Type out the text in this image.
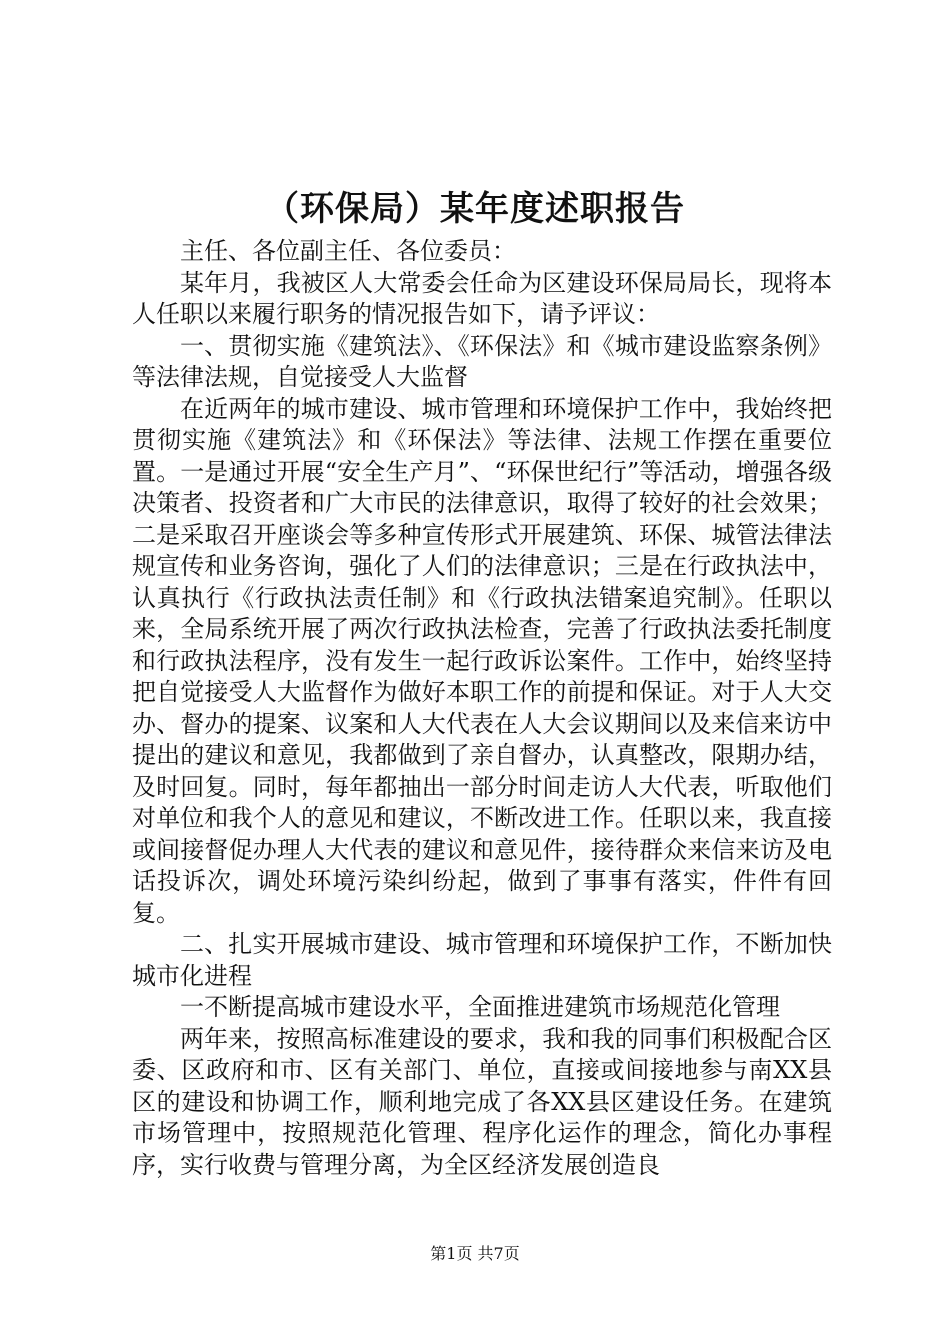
（环保局）某年度述职报告

主任、各位副主任、各位委员：

某年月，我被区人大常委会任命为区建设环保局局长，现将本人任职以来履行职务的情况报告如下，请予评议：

一、贯彻实施《建筑法》、《环保法》和《城市建设监察条例》等法律法规，自觉接受人大监督

在近两年的城市建设、城市管理和环境保护工作中，我始终把贯彻实施《建筑法》和《环保法》等法律、法规工作摆在重要位置。一是通过开展“安全生产月”、“环保世纪行”等活动，增强各级决策者、投资者和广大市民的法律意识，取得了较好的社会效果；二是采取召开座谈会等多种宣传形式开展建筑、环保、城管法律法规宣传和业务咨询，强化了人们的法律意识；三是在行政执法中，认真执行《行政执法责任制》和《行政执法错案追究制》。任职以来，全局系统开展了两次行政执法检查，完善了行政执法委托制度和行政执法程序，没有发生一起行政诉讼案件。工作中，始终坚持把自觉接受人大监督作为做好本职工作的前提和保证。对于人大交办、督办的提案、议案和人大代表在人大会议期间以及来信来访中提出的建议和意见，我都做到了亲自督办，认真整改，限期办结，及时回复。同时，每年都抽出一部分时间走访人大代表，听取他们对单位和我个人的意见和建议，不断改进工作。任职以来，我直接或间接督促办理人大代表的建议和意见件，接待群众来信来访及电话投诉次，调处环境污染纠纷起，做到了事事有落实，件件有回复。

二、扎实开展城市建设、城市管理和环境保护工作，不断加快城市化进程

一不断提高城市建设水平，全面推进建筑市场规范化管理

两年来，按照高标准建设的要求，我和我的同事们积极配合区委、区政府和市、区有关部门、单位，直接或间接地参与南XX县区的建设和协调工作，顺利地完成了各XX县区建设任务。在建筑市场管理中，按照规范化管理、程序化运作的理念，简化办事程序，实行收费与管理分离，为全区经济发展创造良

第1页 共7页
